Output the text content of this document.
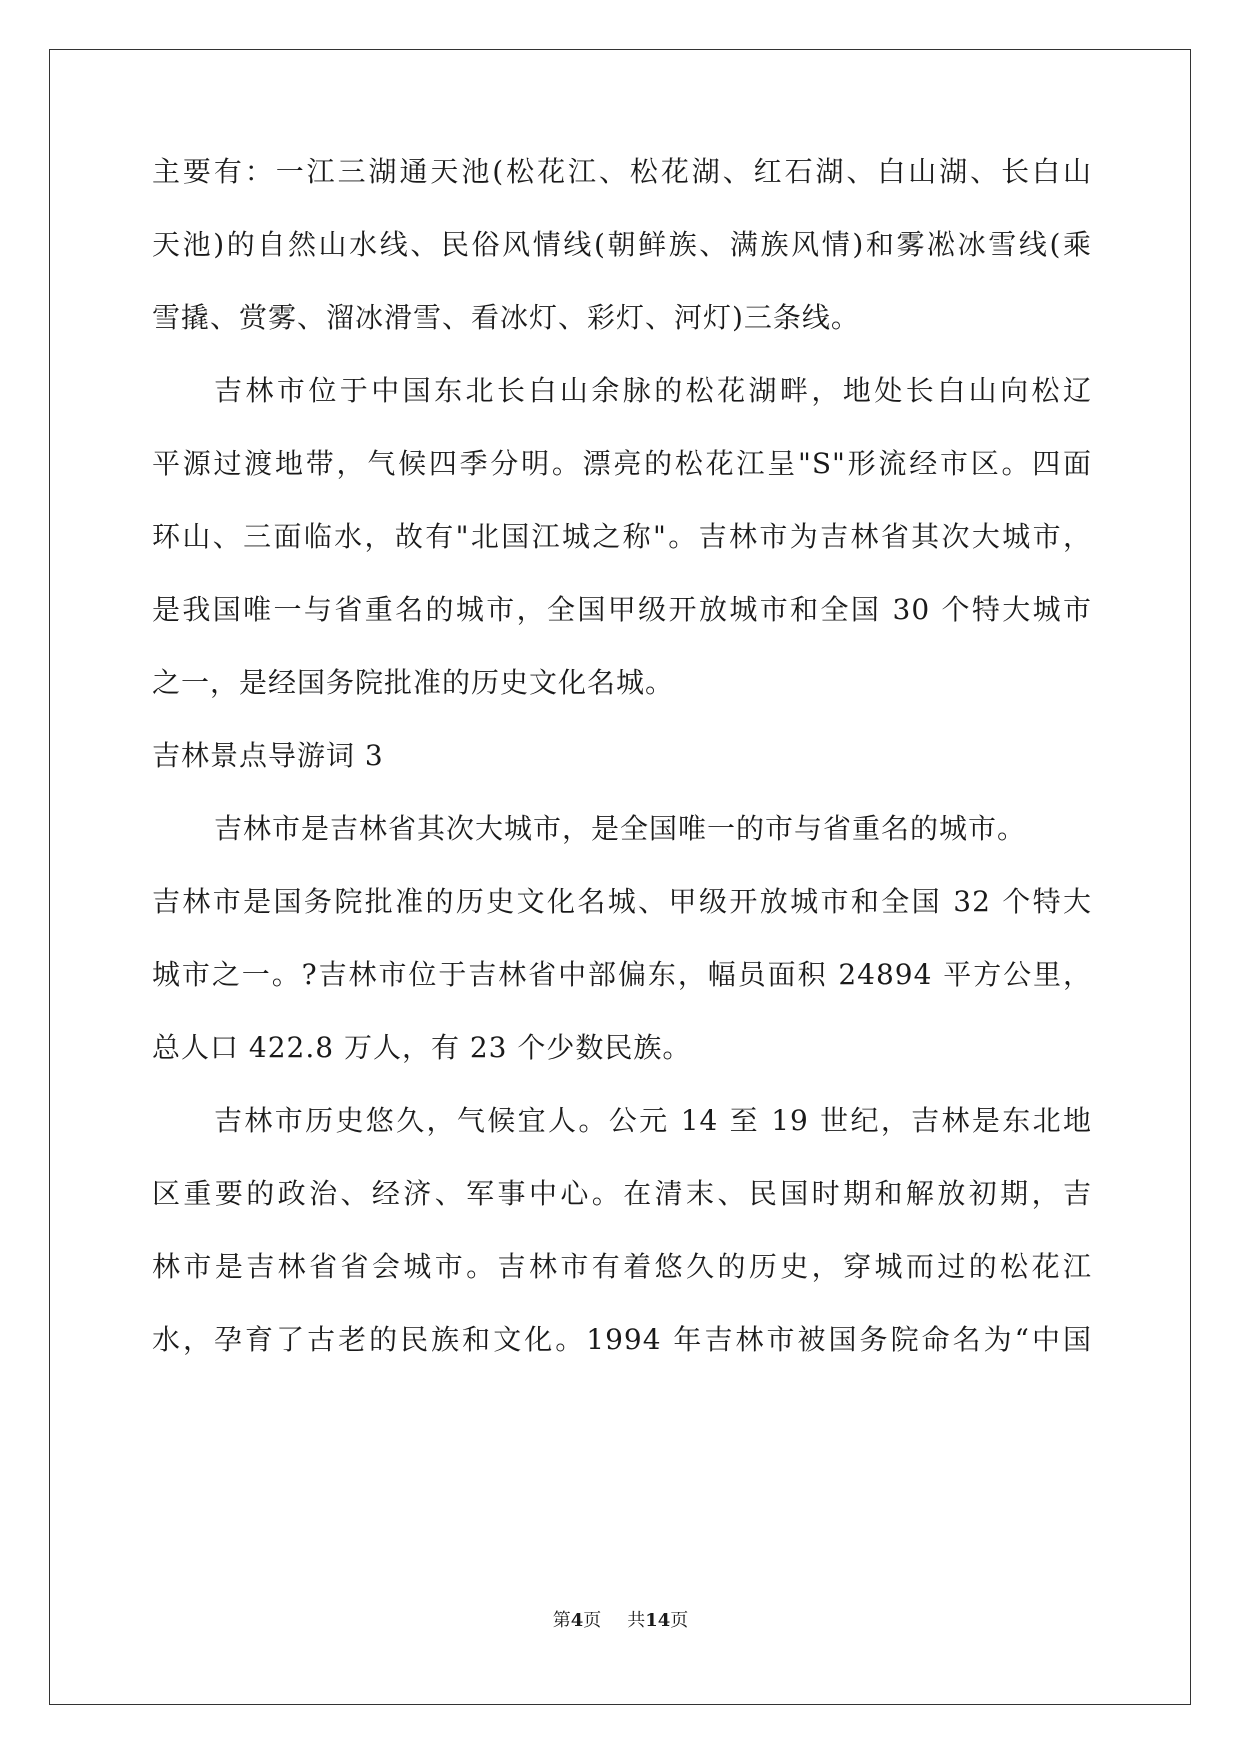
主要有：一江三湖通天池(松花江、松花湖、红石湖、白山湖、长白山
天池)的自然山水线、民俗风情线(朝鲜族、满族风情)和雾凇冰雪线(乘
雪撬、赏雾、溜冰滑雪、看冰灯、彩灯、河灯)三条线。
吉林市位于中国东北长白山余脉的松花湖畔，地处长白山向松辽
平源过渡地带，气候四季分明。漂亮的松花江呈"S"形流经市区。四面
环山、三面临水，故有"北国江城之称"。吉林市为吉林省其次大城市，
是我国唯一与省重名的城市，全国甲级开放城市和全国 30 个特大城市
之一，是经国务院批准的历史文化名城。
吉林景点导游词 3
吉林市是吉林省其次大城市，是全国唯一的市与省重名的城市。
吉林市是国务院批准的历史文化名城、甲级开放城市和全国 32 个特大
城市之一。?吉林市位于吉林省中部偏东，幅员面积 24894 平方公里，
总人口 422.8 万人，有 23 个少数民族。
吉林市历史悠久，气候宜人。公元 14 至 19 世纪，吉林是东北地
区重要的政治、经济、军事中心。在清末、民国时期和解放初期，吉
林市是吉林省省会城市。吉林市有着悠久的历史，穿城而过的松花江
水，孕育了古老的民族和文化。1994 年吉林市被国务院命名为“中国
第4页 共14页
